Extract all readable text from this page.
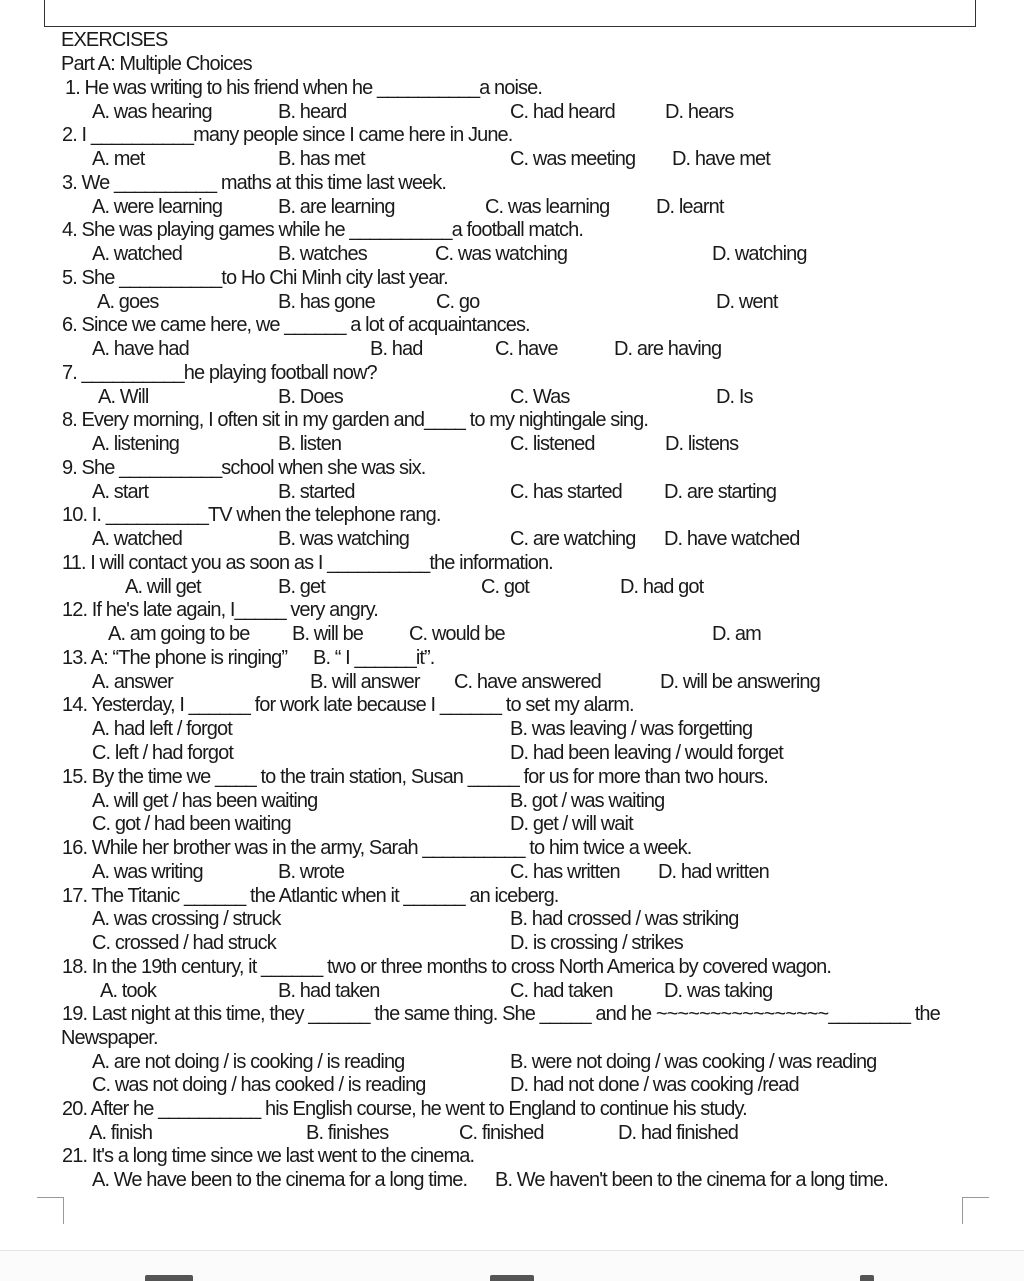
EXERCISES
Part A: Multiple Choices
1. He was writing to his friend when he __________a noise.
A. was hearing	B. heard	C. had heard	D. hears
2. I __________many people since I came here in June.
A. met	B. has met	C. was meeting D. have met
3. We __________ maths at this time last week.
A. were learning	B. are learning	C. was learning D. learnt
4. She was playing games while he __________a football match.
A. watched	B. watches	C. was watching	D. watching
5. She __________to Ho Chi Minh city last year.
A. goes	B. has gone	C. go	D. went
6. Since we came here, we ______ a lot of acquaintances.
A. have had	B. had	C. have	D. are having
7. __________he playing football now?
A. Will	B. Does	C. Was	D. Is
8. Every morning, I often sit in my garden and____ to my nightingale sing.
A. listening	B. listen	C. listened	D. listens
9. She __________school when she was six.
A. start	B. started	C. has started D. are starting
10. I. __________TV when the telephone rang.
A. watched	B. was watching	C. are watching D. have watched
11. I will contact you as soon as I __________the information.
A. will get	B. get	C. got	D. had got
12. If he's late again, I_____ very angry.
A. am going to be B. will be C. would be	D. am
13. A: “The phone is ringing” B. “ I ______it”.
A. answer	B. will answer C. have answered	D. will be answering
14. Yesterday, I ______ for work late because I ______ to set my alarm.
A. had left / forgot	B. was leaving / was forgetting
C. left / had forgot	D. had been leaving / would forget
15. By the time we ____ to the train station, Susan _____ for us for more than two hours.
A. will get / has been waiting	B. got / was waiting
C. got / had been waiting	D. get / will wait
16. While her brother was in the army, Sarah __________ to him twice a week.
A. was writing	B. wrote	C. has written D. had written
17. The Titanic ______ the Atlantic when it ______ an iceberg.
A. was crossing / struck	B. had crossed / was striking
C. crossed / had struck	D. is crossing / strikes
18. In the 19th century, it ______ two or three months to cross North America by covered wagon.
A. took	B. had taken	C. had taken	D. was taking
19. Last night at this time, they ______ the same thing. She _____ and he ~~~~~~~~~~~~~~~~________ the
Newspaper.
A. are not doing / is cooking / is reading	B. were not doing / was cooking / was reading
C. was not doing / has cooked / is reading	D. had not done / was cooking /read
20. After he __________ his English course, he went to England to continue his study.
A. finish	B. finishes	C. finished	D. had finished
21. It's a long time since we last went to the cinema.
A. We have been to the cinema for a long time. B. We haven't been to the cinema for a long time.
